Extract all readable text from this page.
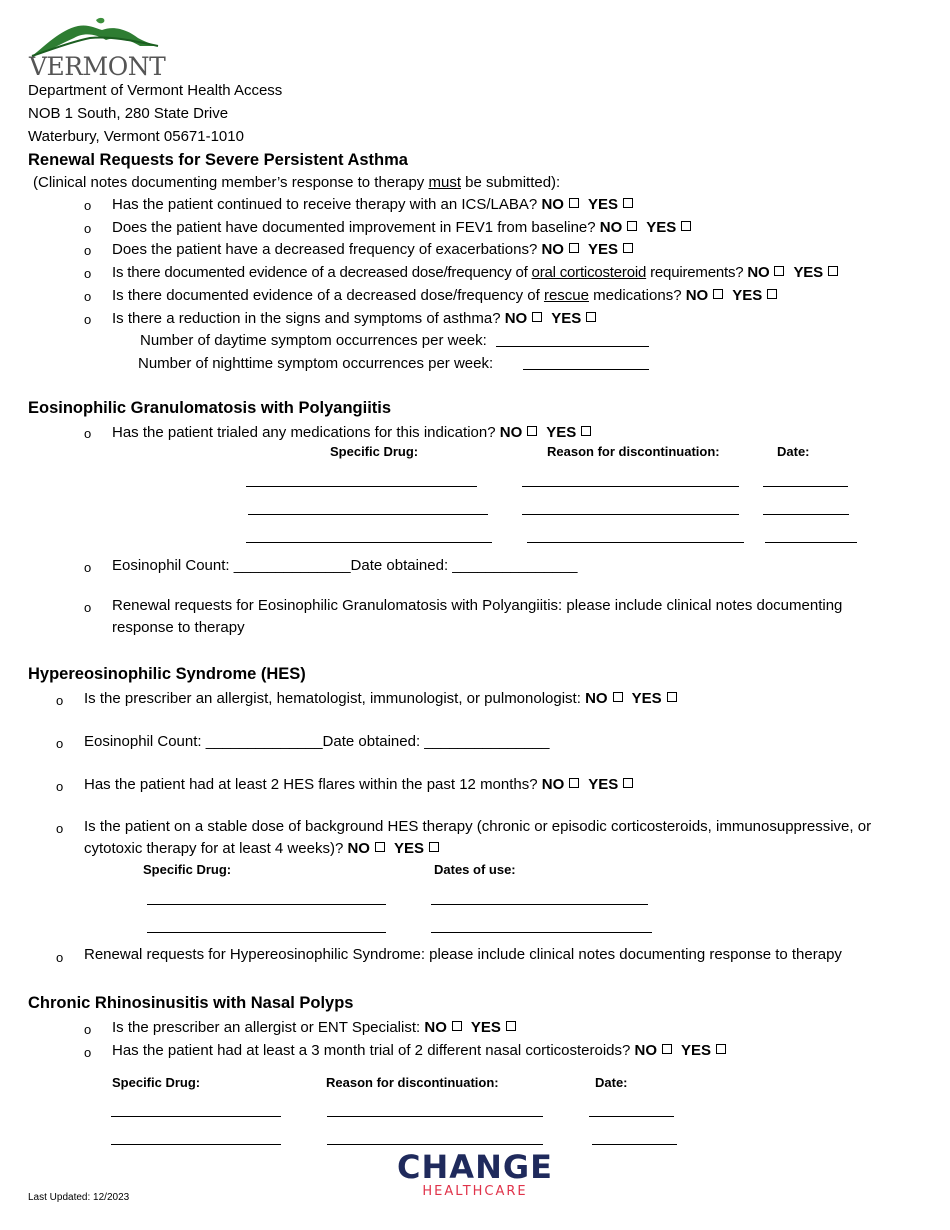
VERMONT
Department of Vermont Health Access
NOB 1 South, 280 State Drive
Waterbury, Vermont 05671-1010
Renewal Requests for Severe Persistent Asthma
(Clinical notes documenting member’s response to therapy must be submitted):
o Has the patient continued to receive therapy with an ICS/LABA? NO YES
o Does the patient have documented improvement in FEV1 from baseline? NO YES
o Does the patient have a decreased frequency of exacerbations? NO YES
o Is there documented evidence of a decreased dose/frequency of oral corticosteroid requirements? NO YES
o Is there documented evidence of a decreased dose/frequency of rescue medications? NO YES
o Is there a reduction in the signs and symptoms of asthma? NO YES
Number of daytime symptom occurrences per week:
Number of nighttime symptom occurrences per week:
Eosinophilic Granulomatosis with Polyangiitis
o Has the patient trialed any medications for this indication? NO YES
Specific Drug:	Reason for discontinuation:	Date:
o Eosinophil Count: ______________Date obtained: _______________
o Renewal requests for Eosinophilic Granulomatosis with Polyangiitis: please include clinical notes documenting
response to therapy
Hypereosinophilic Syndrome (HES)
o Is the prescriber an allergist, hematologist, immunologist, or pulmonologist: NO YES
o Eosinophil Count: ______________Date obtained: _______________
o Has the patient had at least 2 HES flares within the past 12 months? NO YES
o Is the patient on a stable dose of background HES therapy (chronic or episodic corticosteroids, immunosuppressive, or
cytotoxic therapy for at least 4 weeks)? NO YES
Specific Drug:	Dates of use:
o Renewal requests for Hypereosinophilic Syndrome: please include clinical notes documenting response to therapy
Chronic Rhinosinusitis with Nasal Polyps
o Is the prescriber an allergist or ENT Specialist: NO YES
o Has the patient had at least a 3 month trial of 2 different nasal corticosteroids? NO YES
Specific Drug:	Reason for discontinuation:	Date:
CHANGE
HEALTHCARE
Last Updated: 12/2023
